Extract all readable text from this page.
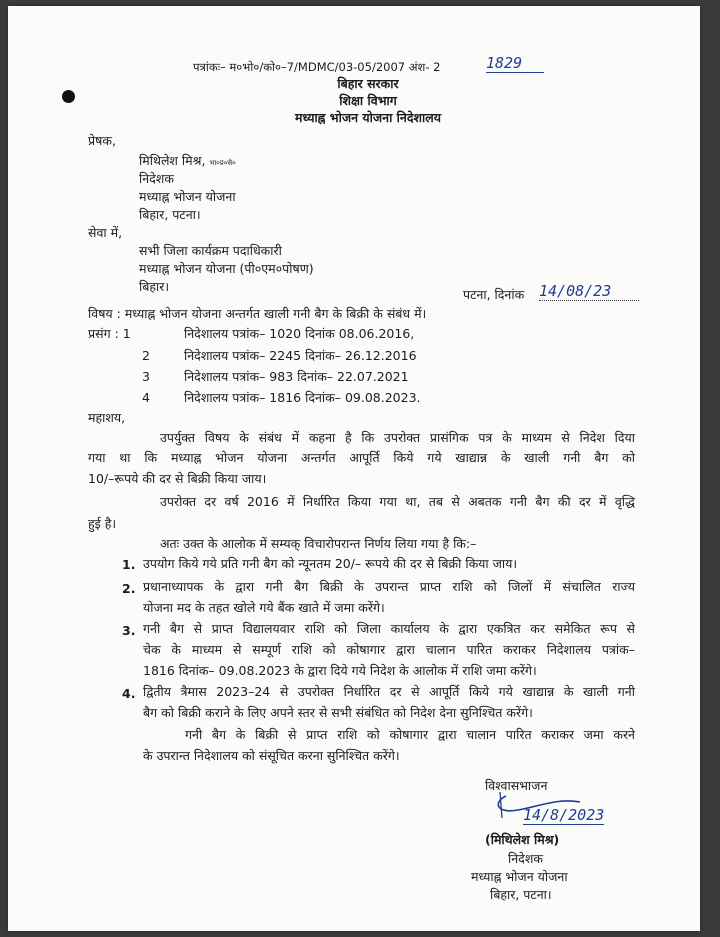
पत्रांकः– म०भो०/को०–7/MDMC/03-05/2007 अंश- 2	1829
बिहार सरकार
शिक्षा विभाग
मध्याह्न भोजन योजना निदेशालय
प्रेषक,
मिथिलेश मिश्र, भा०प्र०से०
निदेशक
मध्याह्न भोजन योजना
बिहार, पटना।
सेवा में,
सभी जिला कार्यक्रम पदाधिकारी
मध्याह्न भोजन योजना (पी०एम०पोषण)
बिहार।
पटना, दिनांक 14/08/23
विषय : मध्याह्न भोजन योजना अन्तर्गत खाली गनी बैग के बिक्री के संबंध में।
प्रसंग : 1	निदेशालय पत्रांक– 1020 दिनांक 08.06.2016,
2	निदेशालय पत्रांक– 2245 दिनांक– 26.12.2016
3	निदेशालय पत्रांक– 983 दिनांक– 22.07.2021
4	निदेशालय पत्रांक– 1816 दिनांक– 09.08.2023.
महाशय,
उपर्युक्त विषय के संबंध में कहना है कि उपरोक्त प्रासंगिक पत्र के माध्यम से निदेश दिया
गया था कि मध्याह्न भोजन योजना अन्तर्गत आपूर्ति किये गये खाद्यान्न के खाली गनी बैग को
10/–रूपये की दर से बिक्री किया जाय।
उपरोक्त दर वर्ष 2016 में निर्धारित किया गया था, तब से अबतक गनी बैग की दर में वृद्धि
हुई है।
अतः उक्त के आलोक में सम्यक् विचारोपरान्त निर्णय लिया गया है कि:–
1. उपयोग किये गये प्रति गनी बैग को न्यूनतम 20/– रूपये की दर से बिक्री किया जाय।
2. प्रधानाध्यापक के द्वारा गनी बैग बिक्री के उपरान्त प्राप्त राशि को जिलों में संचालित राज्य
योजना मद के तहत खोले गये बैंक खाते में जमा करेंगे।
3. गनी बैग से प्राप्त विद्यालयवार राशि को जिला कार्यालय के द्वारा एकत्रित कर समेकित रूप से
चेक के माध्यम से सम्पूर्ण राशि को कोषागार द्वारा चालान पारित कराकर निदेशालय पत्रांक–
1816 दिनांक– 09.08.2023 के द्वारा दिये गये निदेश के आलोक में राशि जमा करेंगे।
4. द्वितीय त्रैमास 2023–24 से उपरोक्त निर्धारित दर से आपूर्ति किये गये खाद्यान्न के खाली गनी
बैग को बिक्री कराने के लिए अपने स्तर से सभी संबंधित को निदेश देना सुनिश्चित करेंगे।
गनी बैग के बिक्री से प्राप्त राशि को कोषागार द्वारा चालान पारित कराकर जमा करने
के उपरान्त निदेशालय को संसूचित करना सुनिश्चित करेंगे।
विश्वासभाजन
14/8/2023
(मिथिलेश मिश्र)
निदेशक
मध्याह्न भोजन योजना
बिहार, पटना।
